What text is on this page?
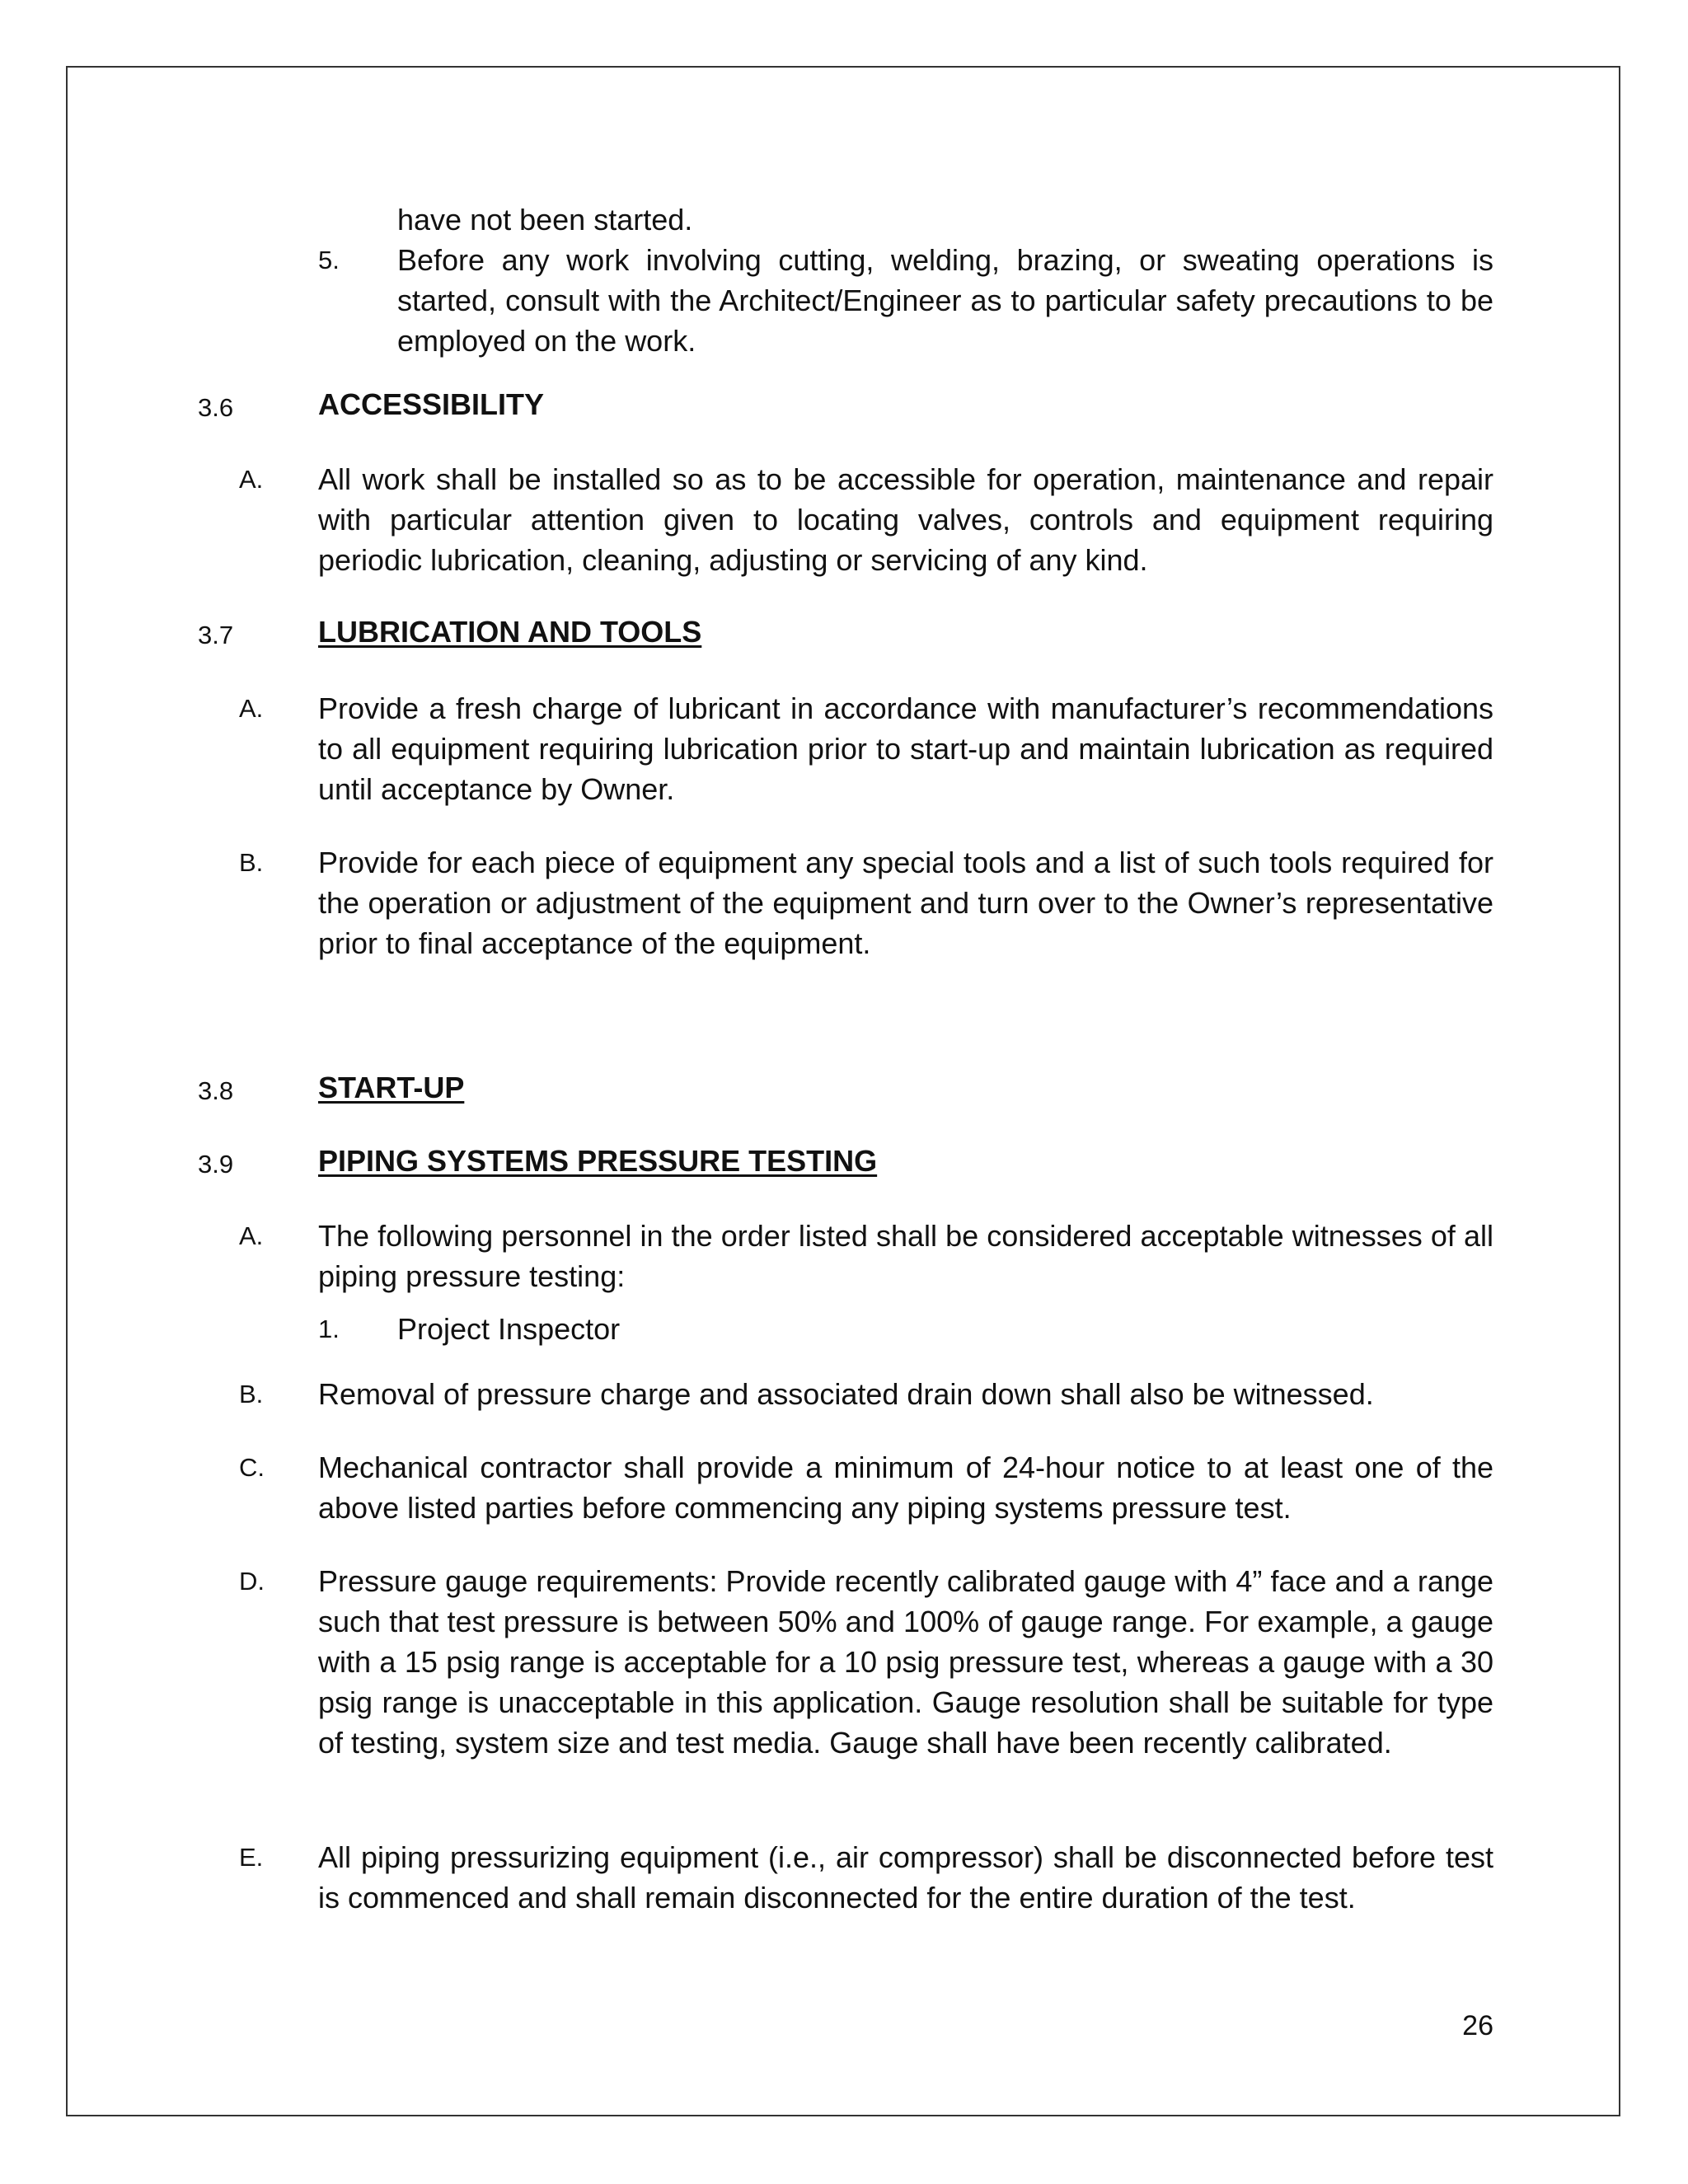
have not been started.

5. Before any work involving cutting, welding, brazing, or sweating operations is started, consult with the Architect/Engineer as to particular safety precautions to be employed on the work.

3.6	ACCESSIBILITY

A. All work shall be installed so as to be accessible for operation, maintenance and repair with particular attention given to locating valves, controls and equipment requiring periodic lubrication, cleaning, adjusting or servicing of any kind.

3.7	LUBRICATION AND TOOLS

A. Provide a fresh charge of lubricant in accordance with manufacturer’s recommendations to all equipment requiring lubrication prior to start-up and maintain lubrication as required until acceptance by Owner.

B. Provide for each piece of equipment any special tools and a list of such tools required for the operation or adjustment of the equipment and turn over to the Owner’s representative prior to final acceptance of the equipment.

3.8	START-UP

3.9	PIPING SYSTEMS PRESSURE TESTING

A. The following personnel in the order listed shall be considered acceptable witnesses of all piping pressure testing:

1. Project Inspector

B. Removal of pressure charge and associated drain down shall also be witnessed.

C. Mechanical contractor shall provide a minimum of 24-hour notice to at least one of the above listed parties before commencing any piping systems pressure test.

D. Pressure gauge requirements: Provide recently calibrated gauge with 4” face and a range such that test pressure is between 50% and 100% of gauge range. For example, a gauge with a 15 psig range is acceptable for a 10 psig pressure test, whereas a gauge with a 30 psig range is unacceptable in this application. Gauge resolution shall be suitable for type of testing, system size and test media. Gauge shall have been recently calibrated.

E. All piping pressurizing equipment (i.e., air compressor) shall be disconnected before test is commenced and shall remain disconnected for the entire duration of the test.

26
